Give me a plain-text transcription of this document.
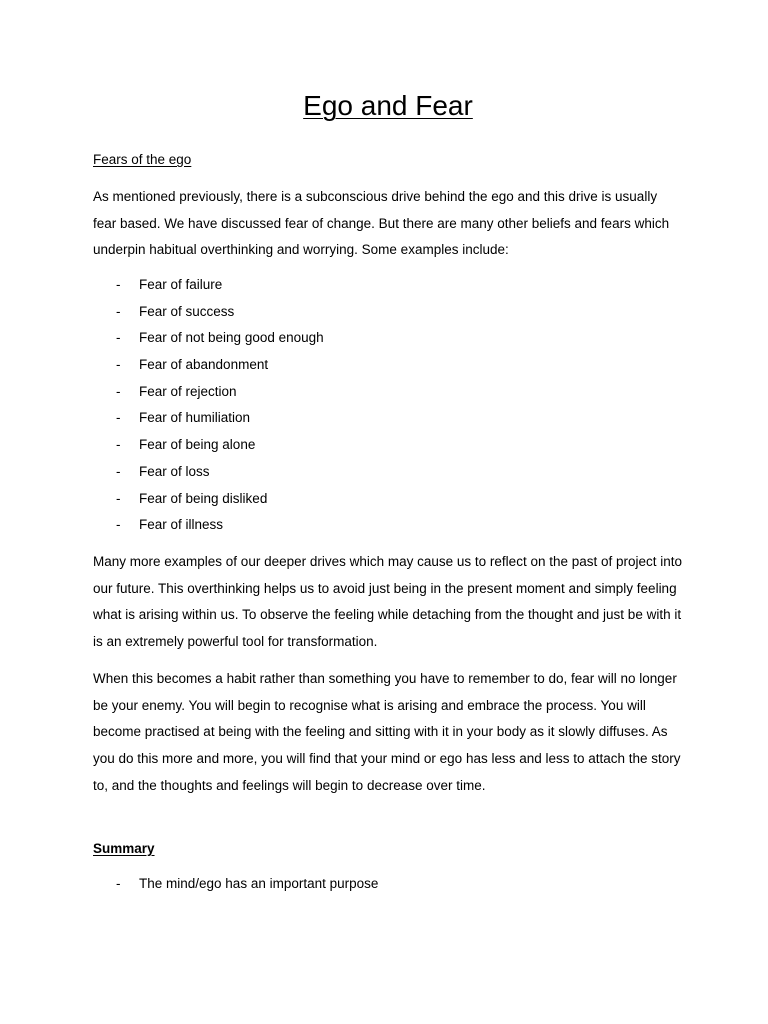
Ego and Fear

Fears of the ego

As mentioned previously, there is a subconscious drive behind the ego and this drive is usually fear based. We have discussed fear of change. But there are many other beliefs and fears which underpin habitual overthinking and worrying. Some examples include:

- Fear of failure
- Fear of success
- Fear of not being good enough
- Fear of abandonment
- Fear of rejection
- Fear of humiliation
- Fear of being alone
- Fear of loss
- Fear of being disliked
- Fear of illness

Many more examples of our deeper drives which may cause us to reflect on the past of project into our future. This overthinking helps us to avoid just being in the present moment and simply feeling what is arising within us. To observe the feeling while detaching from the thought and just be with it is an extremely powerful tool for transformation.

When this becomes a habit rather than something you have to remember to do, fear will no longer be your enemy. You will begin to recognise what is arising and embrace the process. You will become practised at being with the feeling and sitting with it in your body as it slowly diffuses. As you do this more and more, you will find that your mind or ego has less and less to attach the story to, and the thoughts and feelings will begin to decrease over time.

Summary

- The mind/ego has an important purpose
